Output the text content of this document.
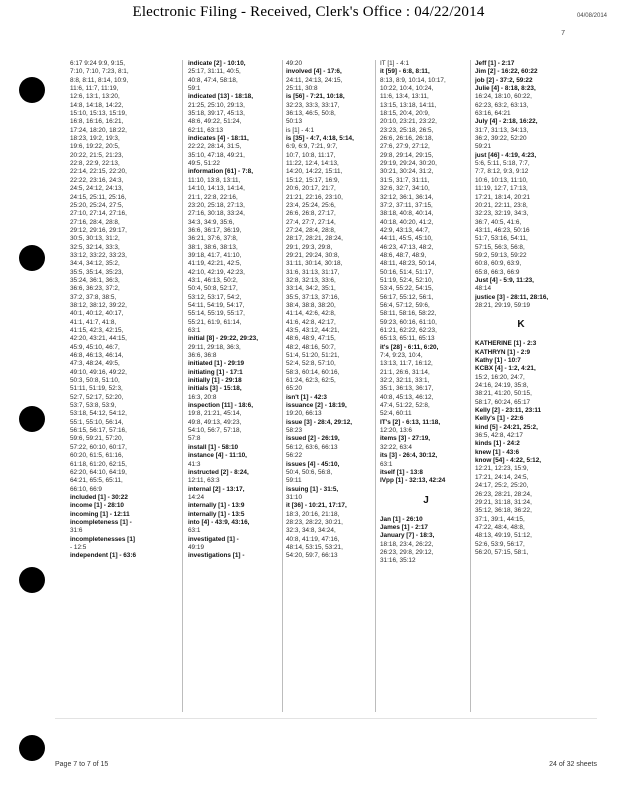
Electronic Filing - Received, Clerk's Office : 04/22/2014	04/08/2014
7
6:17 9:24 9:9, 9:15,
7:10, 7:10, 7:23, 8:1,
8:8, 8:11, 8:14, 10:9,
11:6, 11:7, 11:19,
12:6, 13:1, 13:20,
14:8, 14:18, 14:22,
15:10, 15:13, 15:19,
16:8, 16:16, 16:21,
17:24, 18:20, 18:22,
18:23, 19:2, 19:3,
19:6, 19:22, 20:5,
20:22, 21:5, 21:23,
22:8, 22:9, 22:13,
22:14, 22:15, 22:20,
22:22, 23:16, 24:3,
24:5, 24:12, 24:13,
24:15, 25:11, 25:16,
25:20, 25:24, 27:5,
27:10, 27:14, 27:16,
27:16, 28:4, 28:8,
29:12, 29:16, 29:17,
30:5, 30:13, 31:2,
32:5, 32:14, 33:3,
33:12, 33:22, 33:23,
34:4, 34:12, 35:2,
35:5, 35:14, 35:23,
35:24, 36:1, 36:3,
36:6, 36:23, 37:2,
37:2, 37:8, 38:5,
38:12, 38:12, 39:22,
40:1, 40:12, 40:17,
41:1, 41:7, 41:8,
41:15, 42:3, 42:15,
42:20, 43:21, 44:15,
45:9, 45:10, 46:7,
46:8, 46:13, 46:14,
47:3, 48:24, 49:5,
49:10, 49:16, 49:22,
50:3, 50:8, 51:10,
51:11, 51:19, 52:3,
52:7, 52:17, 52:20,
53:7, 53:8, 53:9,
53:18, 54:12, 54:12,
55:1, 55:10, 56:14,
56:15, 56:17, 57:16,
59:6, 59:21, 57:20,
57:22, 60:10, 60:17,
60:20, 61:5, 61:16,
61:18, 61:20, 62:15,
62:20, 64:10, 64:19,
64:21, 65:5, 65:11,
66:10, 66:9
included [1] - 30:22
income [1] - 28:10
incoming [1] - 12:11
incompleteness [1] -
31:6
incompletenesses [1]
- 12:5
independent [1] - 63:6
indicate [2] - 10:10,
25:17, 31:11, 40:5,
40:8, 47:4, 58:18,
59:1
indicated [13] - 18:18,
21:25, 25:10, 29:13,
35:18, 39:17, 45:13,
48:6, 49:22, 51:24,
62:11, 63:13
indicates [4] - 18:11,
22:22, 28:14, 31:5,
35:10, 47:18, 49:21,
49:5, 51:22
information [61] - 7:8,
11:10, 13:8, 13:11,
14:10, 14:13, 14:14,
21:1, 22:8, 22:16,
23:20, 25:18, 27:13,
27:16, 30:18, 33:24,
34:3, 34:9, 35:6,
36:6, 36:17, 36:19,
36:21, 37:6, 37:8,
38:1, 38:6, 38:13,
39:18, 41:7, 41:10,
41:19, 42:21, 42:5,
42:10, 42:19, 42:23,
43:1, 46:13, 50:2,
50:4, 50:8, 52:17,
53:12, 53:17, 54:2,
54:11, 54:19, 54:17,
55:14, 55:19, 55:17,
55:21, 61:9, 61:14,
63:1
initial [8] - 29:22, 29:23,
29:11, 29:18, 36:3,
36:6, 36:8
initiated [1] - 29:19
initiating [1] - 17:1
initially [1] - 29:18
initials [3] - 15:18,
16:3, 20:8
inspection [11] - 18:6,
19:8, 21:21, 45:14,
49:8, 49:13, 49:23,
54:10, 56:7, 57:18,
57:8
install [1] - 58:10
instance [4] - 11:10,
41:3
instructed [2] - 8:24,
12:11, 63:3
internal [2] - 13:17,
14:24
internally [1] - 13:9
internally [1] - 13:5
into [4] - 43:9, 43:16,
63:1
investigated [1] -
49:19
investigations [1] -
49:20
involved [4] - 17:6,
24:11, 24:13, 24:15,
25:11, 30:8
is [56] - 7:21, 10:18,
32:23, 33:3, 33:17,
36:13, 46:5, 50:8,
50:13
is [1] - 4:1
is [35] - 4:7, 4:18, 5:14,
6:9, 6:9, 7:21, 9:7,
10:7, 10:8, 11:17,
11:22, 12:4, 14:13,
14:20, 14:22, 15:11,
15:12, 15:17, 16:9,
20:6, 20:17, 21:7,
21:21, 22:16, 23:10,
23:4, 25:24, 25:6,
26:6, 26:8, 27:17,
27:4, 27:7, 27:14,
27:24, 28:4, 28:8,
28:17, 28:21, 28:24,
29:1, 29:3, 29:8,
29:21, 29:24, 30:8,
31:11, 30:14, 30:18,
31:6, 31:13, 31:17,
32:8, 32:13, 33:6,
33:14, 34:2, 35:1,
35:5, 37:13, 37:16,
38:4, 38:8, 38:20,
41:14, 42:6, 42:8,
41:6, 42:8, 42:17,
43:5, 43:12, 44:21,
48:6, 48:9, 47:15,
48:2, 48:16, 50:7,
51:4, 51:20, 51:21,
52:4, 52:8, 57:10,
58:3, 60:14, 60:16,
61:24, 62:3, 62:5,
65:20
isn't [1] - 42:3
issuance [2] - 18:19,
19:20, 66:13
issue [3] - 28:4, 29:12,
58:23
issued [2] - 26:19,
56:12, 63:6, 66:13
56:22
issues [4] - 45:10,
50:4, 50:6, 56:8,
59:11
issuing [1] - 31:5,
31:10
it [36] - 10:21, 17:17,
18:3, 20:16, 21:18,
28:23, 28:22, 30:21,
32:3, 34:8, 34:24,
40:8, 41:19, 47:16,
48:14, 53:15, 53:21,
54:20, 59:7, 66:13
IT [1] - 4:1
it [59] - 6:8, 8:11,
8:13, 8:9, 10:14, 10:17,
10:22, 10:4, 10:24,
11:6, 13:4, 13:11,
13:15, 13:18, 14:11,
18:15, 20:4, 20:9,
20:10, 23:21, 23:22,
23:23, 25:18, 26:5,
26:6, 26:16, 26:18,
27:6, 27:9, 27:12,
29:8, 29:14, 29:15,
29:19, 29:24, 30:20,
30:21, 30:24, 31:2,
31:5, 31:7, 31:11,
32:6, 32:7, 34:10,
32:12, 36:1, 36:14,
37:2, 37:11, 37:15,
38:18, 40:8, 40:14,
40:18, 40:20, 41:2,
42:9, 43:13, 44:7,
44:11, 45:5, 45:10,
46:23, 47:13, 48:2,
48:6, 48:7, 48:9,
48:11, 48:23, 50:14,
50:16, 51:4, 51:17,
51:19, 52:4, 52:10,
53:4, 55:22, 54:15,
56:17, 55:12, 56:1,
56:4, 57:12, 59:6,
58:11, 58:16, 58:22,
59:23, 60:16, 61:10,
61:21, 62:22, 62:23,
65:13, 65:11, 65:13
it's [28] - 6:11, 6:20,
7:4, 9:23, 10:4,
13:13, 11:7, 16:12,
21:1, 26:6, 31:14,
32:2, 32:11, 33:1,
35:1, 36:13, 36:17,
40:8, 45:13, 46:12,
47:4, 51:22, 52:8,
52:4, 60:11
IT's [2] - 6:13, 11:18,
12:20, 13:6
items [3] - 27:19,
32:22, 63:4
its [3] - 26:4, 30:12,
63:1
itself [1] - 13:8
IVpp [1] - 32:13, 42:24
J
Jan [1] - 26:10
James [1] - 2:17
January [7] - 18:3,
18:18, 23:4, 26:22,
26:23, 29:8, 29:12,
31:16, 35:12
Jeff [1] - 2:17
Jim [2] - 16:22, 60:22
job [2] - 37:2, 59:22
Julie [4] - 8:18, 8:23,
16:24, 18:10, 60:22,
62:23, 63:2, 63:13,
63:16, 64:21
July [4] - 2:18, 16:22,
31:7, 31:13, 34:13,
36:2, 39:22, 52:20
59:21
just [46] - 4:19, 4:23,
5:6, 5:11, 5:18, 7:7,
7:7, 8:12, 9:3, 9:12
10:6, 10:13, 11:10,
11:19, 12:7, 17:13,
17:21, 18:14, 20:21
20:21, 22:11, 23:8,
32:23, 32:19, 34:3,
36:7, 40:5, 41:6,
43:11, 46:23, 50:16
51:7, 53:16, 54:11,
57:15, 56:3, 56:8,
59:2, 59:13, 59:22
60:8, 60:9, 63:9,
65:8, 66:3, 66:9
Just [4] - 5:9, 11:23,
48:14
justice [3] - 28:11, 28:16,
28:21, 29:19, 59:19
K
KATHERINE [1] - 2:3
KATHRYN [1] - 2:9
Kathy [1] - 10:7
KCBX [4] - 1:2, 4:21,
15:2, 16:20, 24:7,
24:16, 24:19, 35:8,
38:21, 41:20, 50:15,
58:17, 60:24, 65:17
Kelly [2] - 23:11, 23:11
Kelly's [1] - 22:6
kind [5] - 24:21, 25:2,
36:5, 42:8, 42:17
kinds [1] - 24:2
knew [1] - 43:6
know [54] - 4:22, 5:12,
12:21, 12:23, 15:9,
17:21, 24:14, 24:5,
24:17, 25:2, 25:20,
26:23, 28:21, 28:24,
29:21, 31:18, 31:24,
35:12, 36:18, 36:22,
37:1, 39:1, 44:15,
47:22, 48:4, 48:8,
48:13, 49:19, 51:12,
52:6, 53:9, 56:17,
56:20, 57:15, 58:1,
Page 7 to 7 of 15	24 of 32 sheets
